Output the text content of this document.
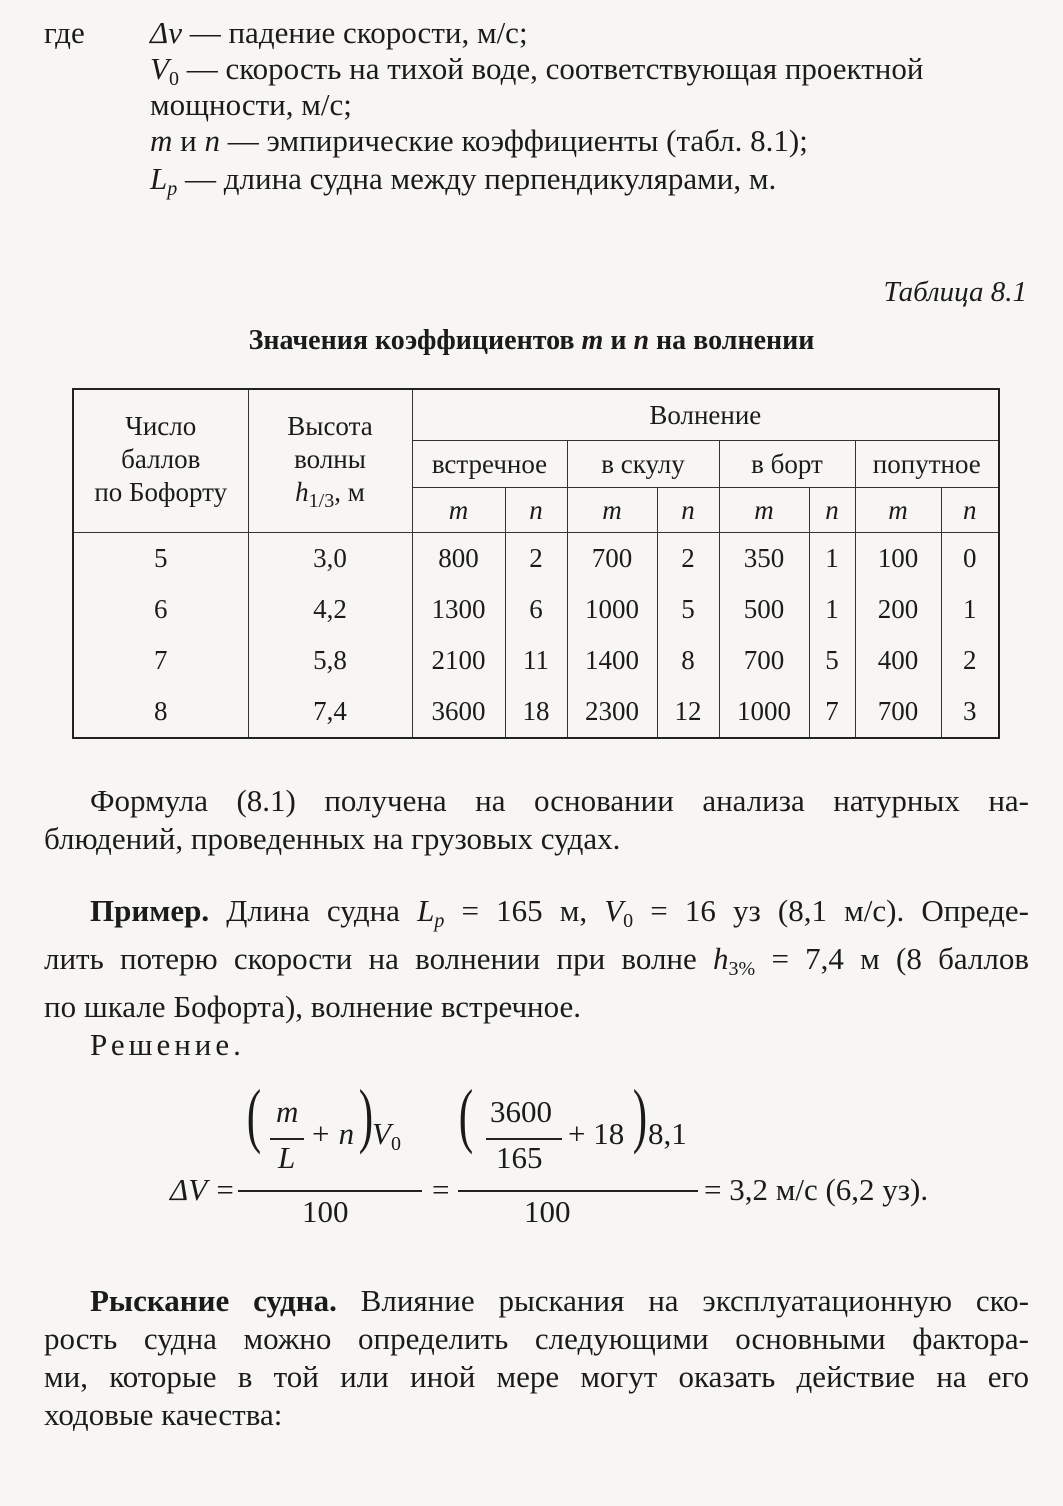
где Δv — падение скорости, м/с;
$V_0$ — скорость на тихой воде, соответствующая проектной
мощности, м/с;
m и n — эмпирические коэффициенты (табл. 8.1);
$L_p$ — длина судна между перпендикулярами, м.
Таблица 8.1
Значения коэффициентов m и n на волнении
Число
баллов
по Бофорту	Высота
волны
$h_{1/3}$, м	Волнение							
		встречное		в скулу		в борт		попутное	
		m	n	m	n	m	n	m	n
5	3,0	800	2	700	2	350	1	100	0
6	4,2	1300	6	1000	5	500	1	200	1
7	5,8	2100	11	1400	8	700	5	400	2
8	7,4	3600	18	2300	12	1000	7	700	3
Формула (8.1) получена на основании анализа натурных на-
блюдений, проведенных на грузовых судах.
Пример. Длина судна $L_p = 165$ м, $V_0 = 16$ уз (8,1 м/с). Опреде-
лить потерю скорости на волнении при волне $h_{3\%} = 7,4$ м (8 баллов
по шкале Бофорта), волнение встречное.
Решение.
ΔV =
( m
L
+ n )
$V_0$
100
=
( 3600
165
+ 18 ) 8,1
100
= 3,2 м/с (6,2 уз).
Рыскание судна. Влияние рыскания на эксплуатационную ско-
рость судна можно определить следующими основными фактора-
ми, которые в той или иной мере могут оказать действие на его
ходовые качества:
